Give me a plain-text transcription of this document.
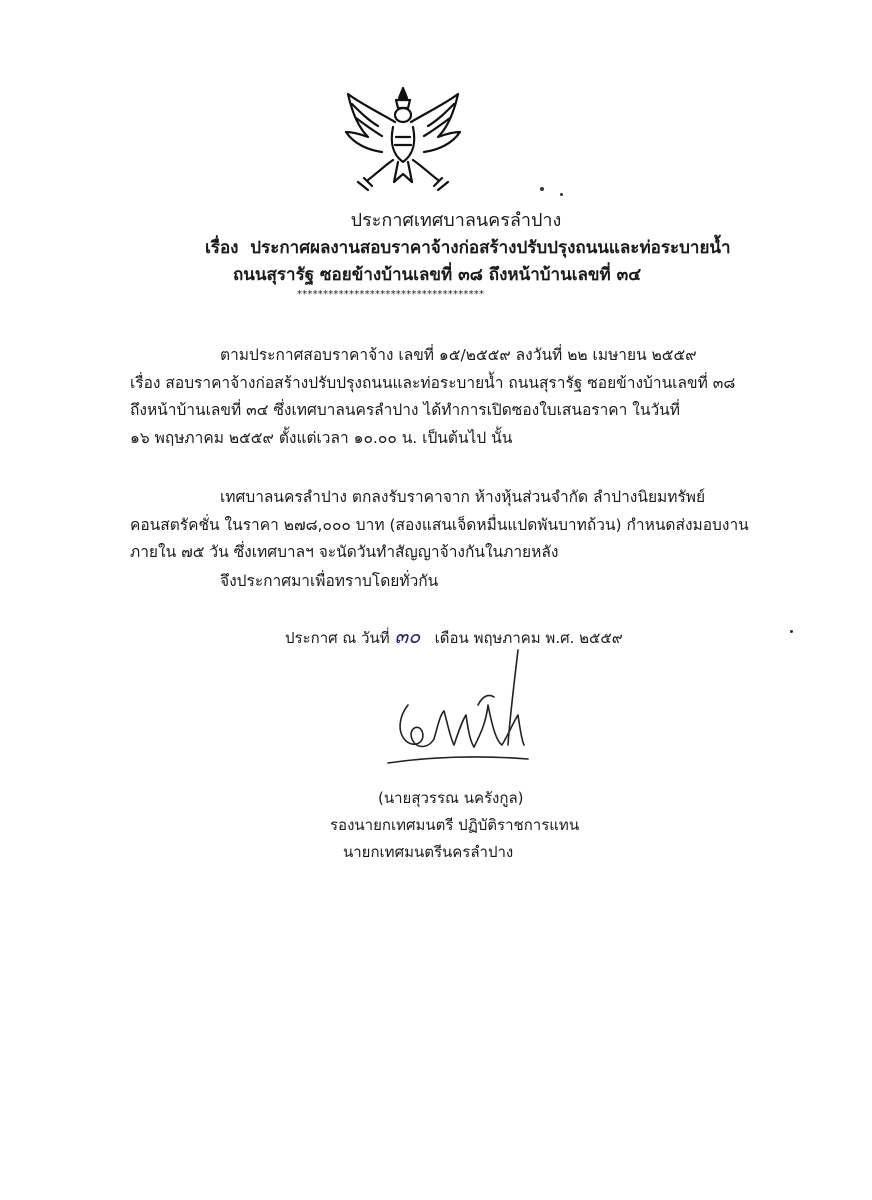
ประกาศเทศบาลนครลำปาง
เรื่อง ประกาศผลงานสอบราคาจ้างก่อสร้างปรับปรุงถนนและท่อระบายน้ำ
ถนนสุรารัฐ ซอยข้างบ้านเลขที่ ๓๘ ถึงหน้าบ้านเลขที่ ๓๔
************************************
ตามประกาศสอบราคาจ้าง เลขที่ ๑๕/๒๕๕๙ ลงวันที่ ๒๒ เมษายน ๒๕๕๙
เรื่อง สอบราคาจ้างก่อสร้างปรับปรุงถนนและท่อระบายน้ำ ถนนสุรารัฐ ซอยข้างบ้านเลขที่ ๓๘
ถึงหน้าบ้านเลขที่ ๓๔ ซึ่งเทศบาลนครลำปาง ได้ทำการเปิดซองใบเสนอราคา ในวันที่
๑๖ พฤษภาคม ๒๕๕๙ ตั้งแต่เวลา ๑๐.๐๐ น. เป็นต้นไป นั้น
เทศบาลนครลำปาง ตกลงรับราคาจาก ห้างหุ้นส่วนจำกัด ลำปางนิยมทรัพย์
คอนสตรัคชั่น ในราคา ๒๗๘,๐๐๐ บาท (สองแสนเจ็ดหมื่นแปดพันบาทถ้วน) กำหนดส่งมอบงาน
ภายใน ๗๕ วัน ซึ่งเทศบาลฯ จะนัดวันทำสัญญาจ้างกันในภายหลัง
จึงประกาศมาเพื่อทราบโดยทั่วกัน
ประกาศ ณ วันที่ ๓๐ เดือน พฤษภาคม พ.ศ. ๒๕๕๙
(นายสุวรรณ นครังกูล)
รองนายกเทศมนตรี ปฏิบัติราชการแทน
นายกเทศมนตรีนครลำปาง
